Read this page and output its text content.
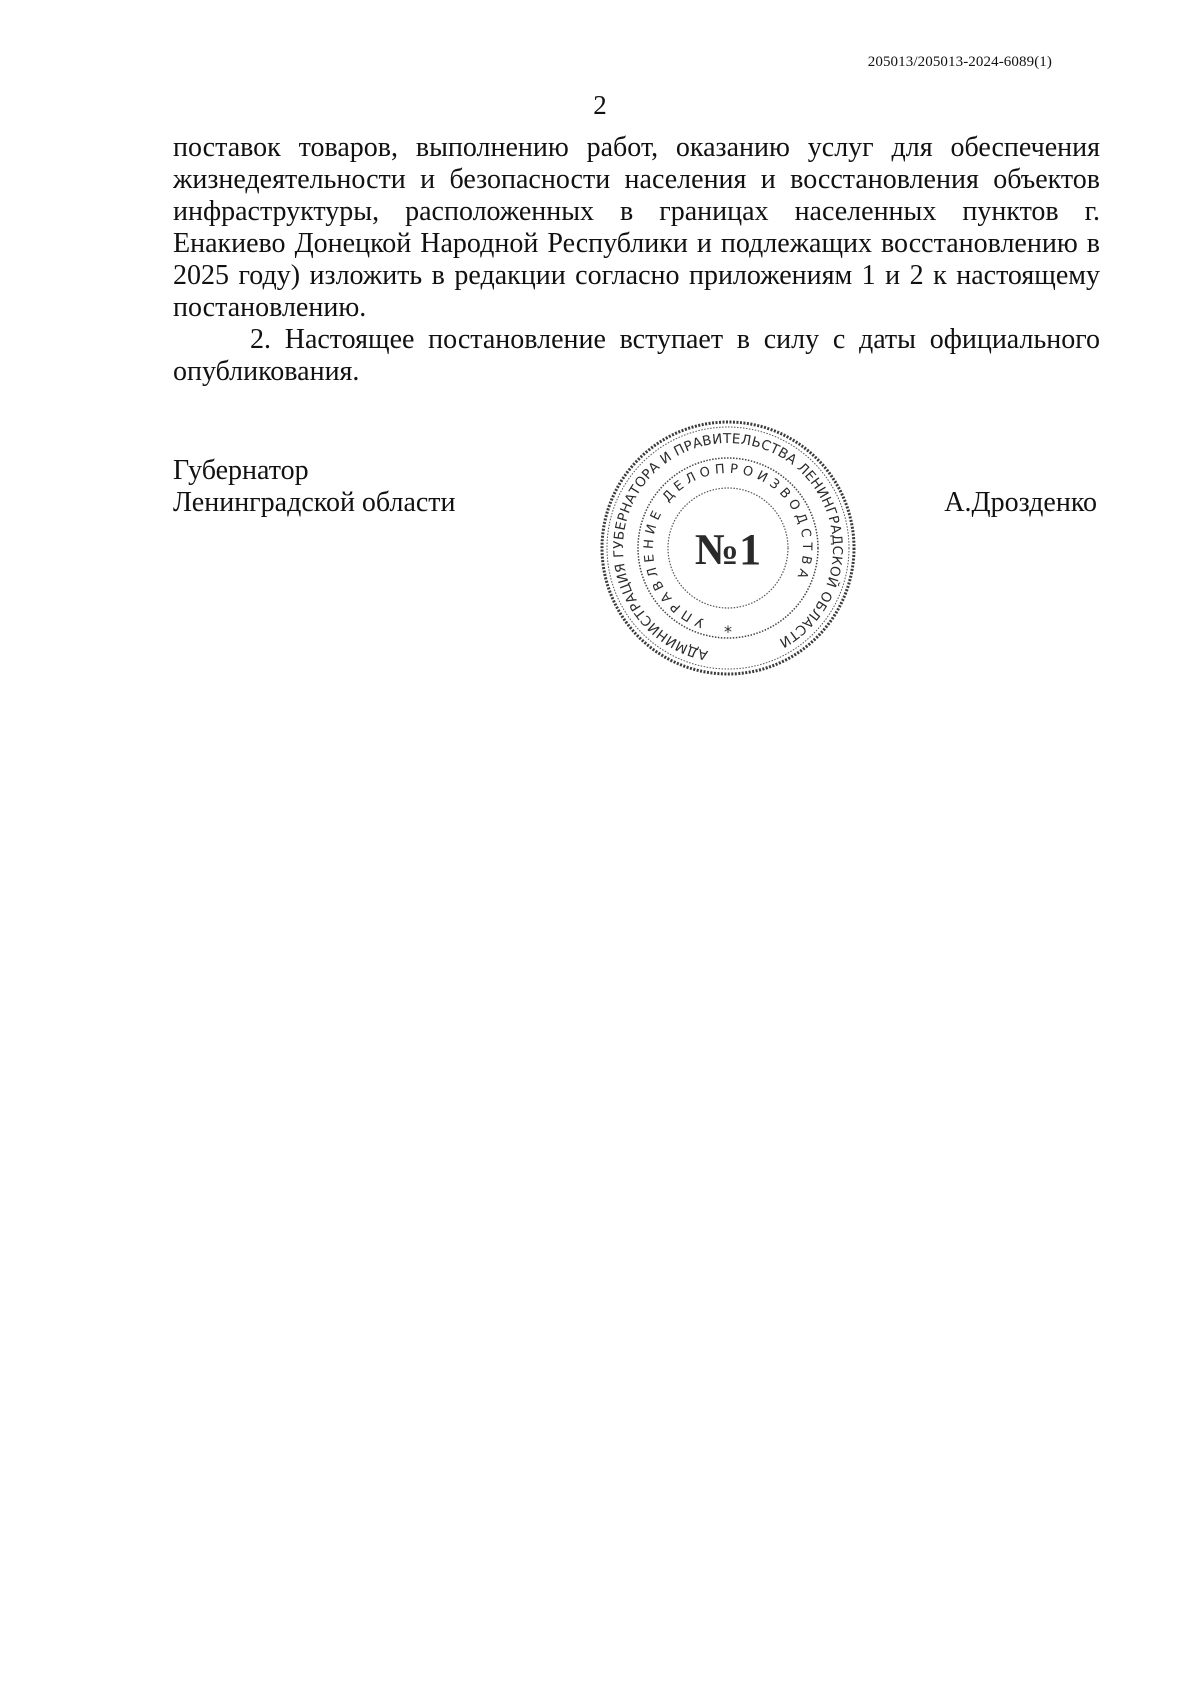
205013/205013-2024-6089(1)
2

поставок товаров, выполнению работ, оказанию услуг для обеспечения жизнедеятельности и безопасности населения и восстановления объектов инфраструктуры, расположенных в границах населенных пунктов г. Енакиево Донецкой Народной Республики и подлежащих восстановлению в 2025 году) изложить в редакции согласно приложениям 1 и 2 к настоящему постановлению.

2. Настоящее постановление вступает в силу с даты официального опубликования.

Губернатор
Ленинградской области	А.Дрозденко
АДМИНИСТРАЦИЯ ГУБЕРНАТОРА И ПРАВИТЕЛЬСТВА ЛЕНИНГРАДСКОЙ ОБЛАСТИ
УПРАВЛЕНИЕ ДЕЛОПРОИЗВОДСТВА
№1
*
